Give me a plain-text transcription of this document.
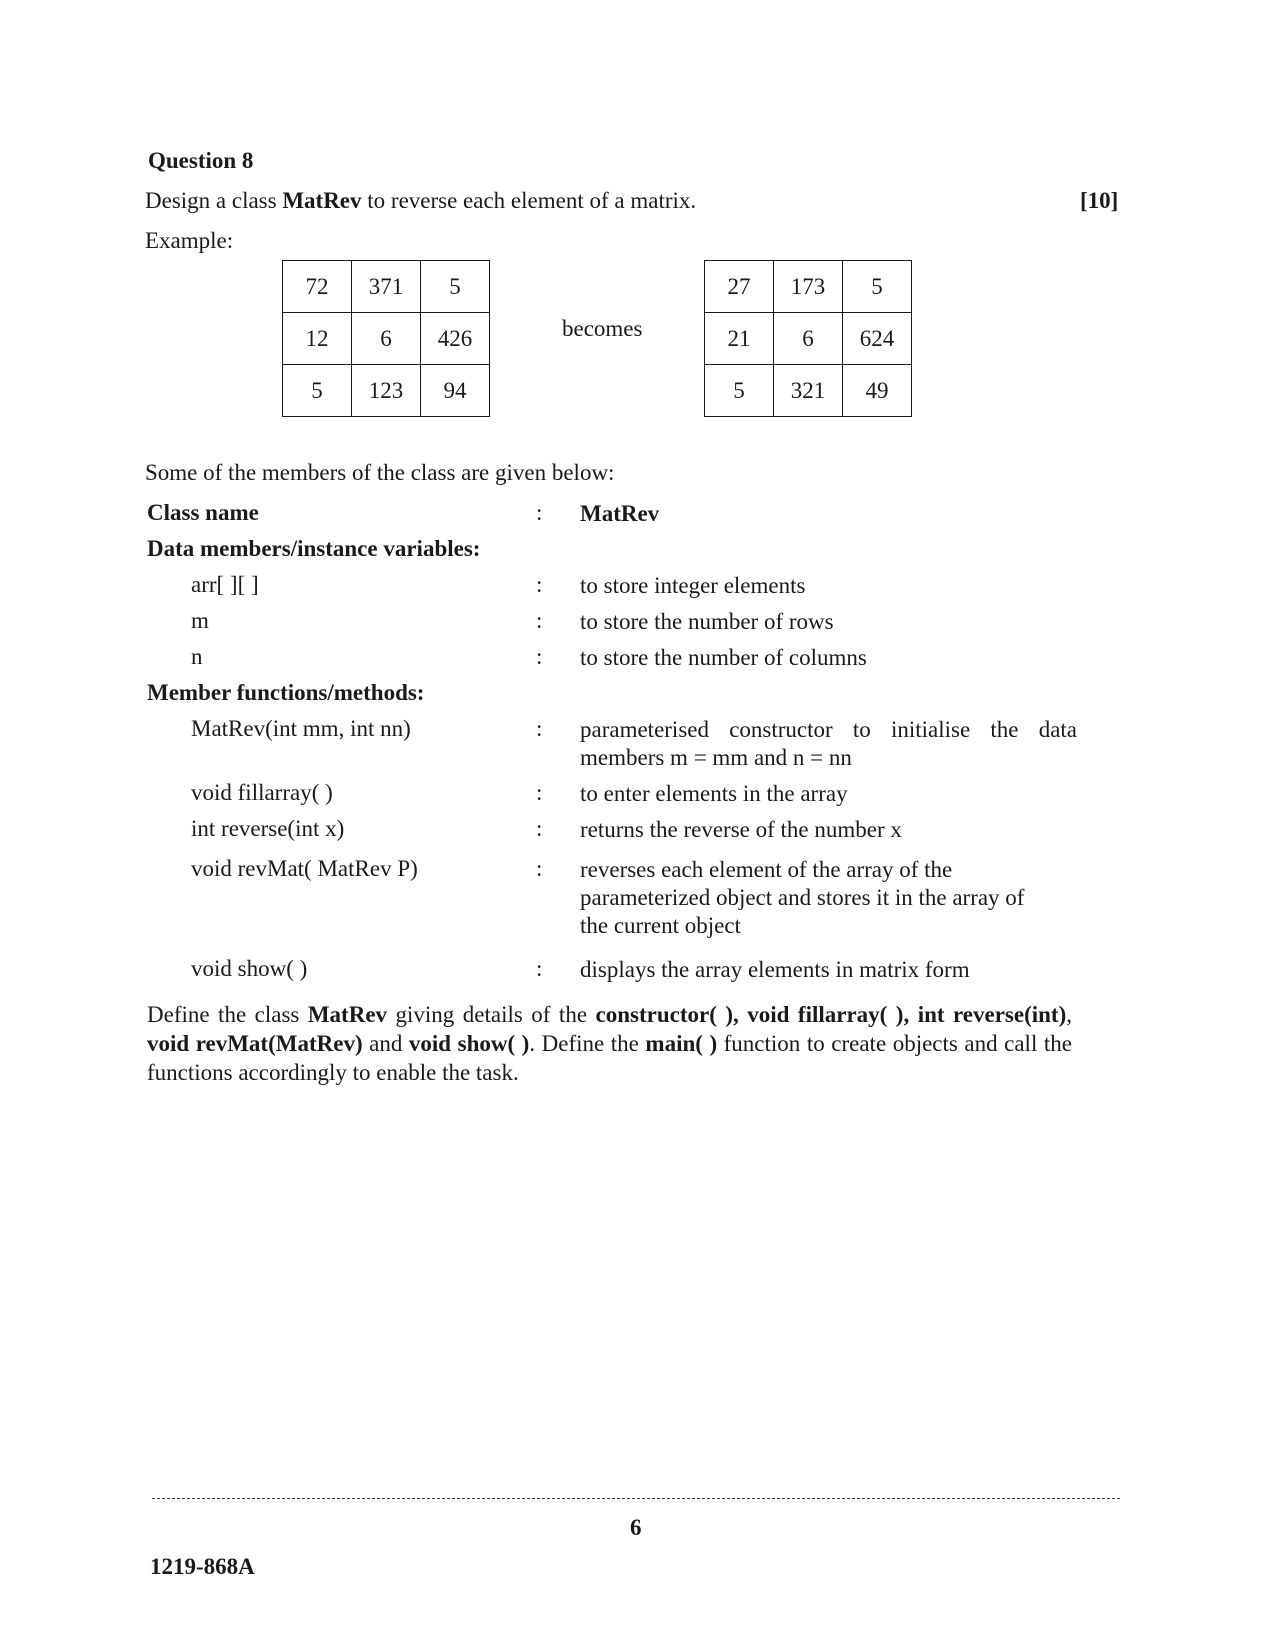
Question 8
Design a class MatRev to reverse each element of a matrix.	[10]
Example:
72	371	5
12	6	426
5	123	94
becomes
27	173	5
21	6	624
5	321	49
Some of the members of the class are given below:
Class name	: MatRev
Data members/instance variables:
arr[ ][ ]	: to store integer elements
m	: to store the number of rows
n	: to store the number of columns
Member functions/methods:
MatRev(int mm, int nn)	: parameterised constructor to initialise the data
members m = mm and n = nn
void fillarray( )	: to enter elements in the array
int reverse(int x)	: returns the reverse of the number x
void revMat( MatRev P)	: reverses each element of the array of the
parameterized object and stores it in the array of
the current object
void show( )	: displays the array elements in matrix form
Define the class MatRev giving details of the constructor( ), void fillarray( ), int reverse(int), void revMat(MatRev) and void show( ). Define the main( ) function to create objects and call the functions accordingly to enable the task.
6
1219-868A
